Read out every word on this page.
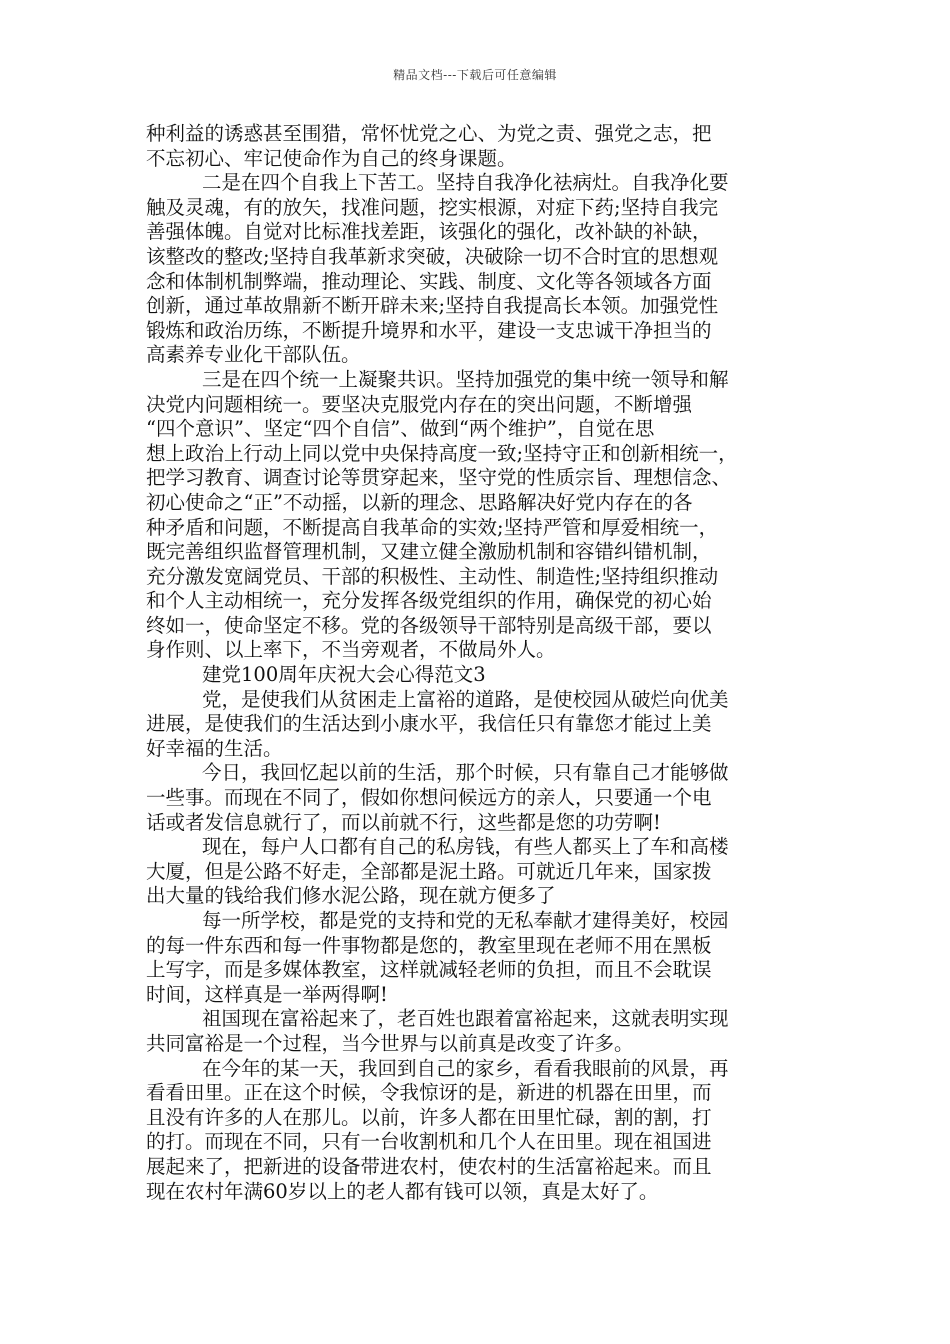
精品文档---下载后可任意编辑
种利益的诱惑甚至围猎，常怀忧党之心、为党之责、强党之志，把
不忘初心、牢记使命作为自己的终身课题。
二是在四个自我上下苦工。坚持自我净化祛病灶。自我净化要
触及灵魂，有的放矢，找准问题，挖实根源，对症下药;坚持自我完
善强体魄。自觉对比标准找差距，该强化的强化，改补缺的补缺，
该整改的整改;坚持自我革新求突破，决破除一切不合时宜的思想观
念和体制机制弊端，推动理论、实践、制度、文化等各领域各方面
创新，通过革故鼎新不断开辟未来;坚持自我提高长本领。加强党性
锻炼和政治历练，不断提升境界和水平，建设一支忠诚干净担当的
高素养专业化干部队伍。
三是在四个统一上凝聚共识。坚持加强党的集中统一领导和解
决党内问题相统一。要坚决克服党内存在的突出问题，不断增强
“四个意识”、坚定“四个自信”、做到“两个维护”，自觉在思
想上政治上行动上同以党中央保持高度一致;坚持守正和创新相统一，
把学习教育、调查讨论等贯穿起来，坚守党的性质宗旨、理想信念、
初心使命之“正”不动摇，以新的理念、思路解决好党内存在的各
种矛盾和问题，不断提高自我革命的实效;坚持严管和厚爱相统一，
既完善组织监督管理机制，又建立健全激励机制和容错纠错机制，
充分激发宽阔党员、干部的积极性、主动性、制造性;坚持组织推动
和个人主动相统一，充分发挥各级党组织的作用，确保党的初心始
终如一，使命坚定不移。党的各级领导干部特别是高级干部，要以
身作则、以上率下，不当旁观者，不做局外人。
建党100周年庆祝大会心得范文3
党，是使我们从贫困走上富裕的道路，是使校园从破烂向优美
进展，是使我们的生活达到小康水平，我信任只有靠您才能过上美
好幸福的生活。
今日，我回忆起以前的生活，那个时候，只有靠自己才能够做
一些事。而现在不同了，假如你想问候远方的亲人，只要通一个电
话或者发信息就行了，而以前就不行，这些都是您的功劳啊!
现在，每户人口都有自己的私房钱，有些人都买上了车和高楼
大厦，但是公路不好走，全部都是泥土路。可就近几年来，国家拨
出大量的钱给我们修水泥公路，现在就方便多了
每一所学校，都是党的支持和党的无私奉献才建得美好，校园
的每一件东西和每一件事物都是您的，教室里现在老师不用在黑板
上写字，而是多媒体教室，这样就减轻老师的负担，而且不会耽误
时间，这样真是一举两得啊!
祖国现在富裕起来了，老百姓也跟着富裕起来，这就表明实现
共同富裕是一个过程，当今世界与以前真是改变了许多。
在今年的某一天，我回到自己的家乡，看看我眼前的风景，再
看看田里。正在这个时候，令我惊讶的是，新进的机器在田里，而
且没有许多的人在那儿。以前，许多人都在田里忙碌，割的割，打
的打。而现在不同，只有一台收割机和几个人在田里。现在祖国进
展起来了，把新进的设备带进农村，使农村的生活富裕起来。而且
现在农村年满60岁以上的老人都有钱可以领，真是太好了。
